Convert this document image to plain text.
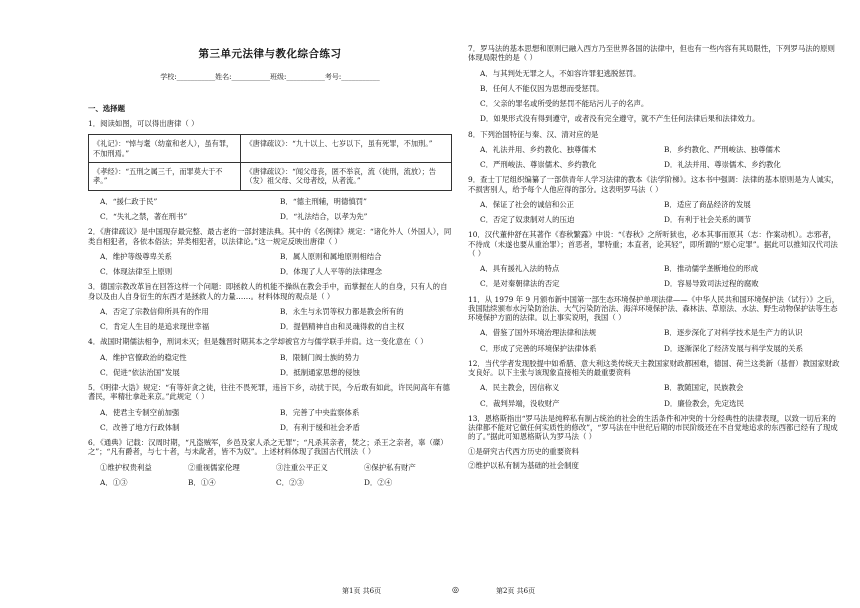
第三单元法律与教化综合练习

学校:___________姓名:___________班级:___________考号:___________

一、选择题

1．阅读如图，可以得出唐律（ ）

《礼记》：“悼与耄（幼童和老人），虽有罪，不加刑焉。”	《唐律疏议》：“九十以上、七岁以下，虽有死罪，不加刑。”
《孝经》：“五刑之属三千，而罪莫大于不孝。”	《唐律疏议》：“闻父母丧，匿不举哀，流（徒刑，流放）；告（发）祖父母、父母者绞，从者流。”

A．“援仁政于民”	B．“德主刑辅，明德慎罚”

C．“失礼之禁，著在刑书”	D．“礼法结合，以孝为先”

2．《唐律疏议》是中国现存最完整、最古老的一部封建法典。其中的《名例律》规定：“诸化外人（外国人），同类自相犯者，各依本俗法；异类相犯者，以法律论。”这一规定反映出唐律（ ）

A．维护等级尊卑关系	B．属人原则和属地原则相结合

C．体现法律至上原则	D．体现了人人平等的法律理念

3．德国宗教改革旨在回答这样一个问题：即拯救人的机能不操纵在教会手中，而掌握在人的自身，只有人的自身以及由人自身衍生的东西才是拯救人的力量……。材料体现的观点是（ ）

A．否定了宗教信仰所具有的作用	B．永生与永罚等权力都是教会所有的

C．肯定人生目的是追求现世幸福	D．提倡精神自由和灵魂得救的自主权

4．战国时期儒法相争，刑词未灭；但是魏晋时期其本之学却被官方与儒学联手并肩。这一变化意在（ ）

A．维护官僚政治的稳定性	B．限制门阀士族的势力

C．促进“依法治国”发展	D．抵制通家思想的侵蚀

5．《明律·大诰》规定：“有等奸贪之徒，往往不畏死罪，违旨下乡，动扰于民，今后敢有如此，许民间高年有德耆民，率精壮拿赴来京。”此规定（ ）

A．使君主专制空前加强	B．完善了中央监察体系

C．改善了地方行政体制	D．有利于缓和社会矛盾

6．《通典》记载：汉周时期，“凡盗贼军，乡邑及家人杀之无罪”；“凡杀其亲者，焚之；杀王之亲者，辜（磔）之”；“凡有爵者，与七十者，与未龀者，皆不为奴”。上述材料体现了我国古代刑法（ ）

①维护权贵利益	②重视儒家伦理	③注重公平正义	④保护私有财产

A．①③	B．①④	C．②③	D．②④

7．罗马法的基本思想和原则已融入西方乃至世界各国的法律中，但也有一些内容有其局限性，下列罗马法的原则体现局限性的是（ ）

A．与其判处无罪之人，不如容许罪犯逃脱惩罚。

B．任何人不能仅因为思想而受惩罚。

C．父亲的罪名或所受的惩罚不能玷污儿子的名声。

D．如果形式没有得到遵守，或者没有完全遵守，就不产生任何法律后果和法律效力。

8．下列治国特征与秦、汉、清对应的是

A．礼法并用、乡约教化、独尊儒术	B．乡约教化、严刑峻法、独尊儒术

C．严刑峻法、尊崇儒术、乡约教化	D．礼法并用、尊崇儒术、乡约教化

9．查士丁尼组织编纂了一部供青年人学习法律的教本《法学阶梯》。这本书中强调：法律的基本原则是为人诚实，不损害别人，给予每个人他应得的部分。这表明罗马法（ ）

A．保证了社会的诚信和公正	B．适应了商品经济的发展

C．否定了奴隶制对人的压迫	D．有利于社会关系的调节

10．汉代董仲舒在其著作《春秋繁露》中说：“《春秋》之所听狱也，必本其事而原其（志：作案动机）。志邪者，不待成（未遂也要从重治罪）；首恶者，罪特重；本直者，论其轻”，即所谓的“原心定罪”。据此可以推知汉代司法（ ）

A．具有援礼入法的特点	B．推动儒学垄断地位的形成

C．是对秦朝律法的否定	D．容易导致司法过程的腐败

11．从 1979 年 9 月颁布新中国第一部生态环境保护单项法律——《中华人民共和国环境保护法（试行）》之后，我国陆续颁布水污染防治法、大气污染防治法、海洋环境保护法、森林法、草原法、水法、野生动物保护法等生态环境保护方面的法律。以上事实说明，我国（ ）

A．借鉴了国外环境治理法律和法规	B．逐步深化了对科学技术是生产力的认识

C．形成了完善的环境保护法律体系	D．逐渐深化了经济发展与科学发展的关系

12．当代学者发现胶提中如希腊、意大利这类传统天主教国家财政都困难，德国、荷兰这类新（基督）教国家财政支良好。以下主张与该现象直接相关的最重要资料

A．民主教会，因信称义	B．教随国定，民族教会

C．裁判异端，没收财产	D．廉俭教会，先定选民

13．恩格斯指出“罗马法是纯粹私有制占统治的社会的生活条件和冲突的十分经典性的法律表现，以致一切后来的法律都不能对它做任何实质性的修改”，“罗马法在中世纪后期的市民阶级还在不自觉地追求的东西都已经有了现成的了。”据此可知恩格斯认为罗马法（ ）

①是研究古代西方历史的重要资料

②维护以私有制为基础的社会制度

第1页 共6页	◎	第2页 共6页
